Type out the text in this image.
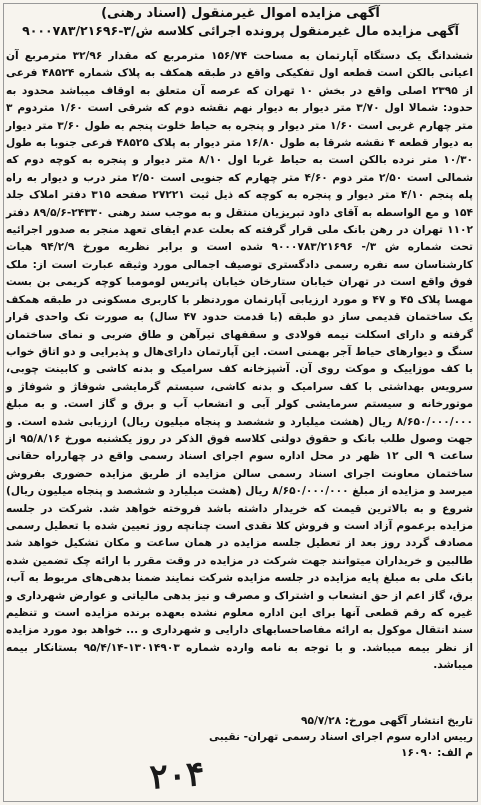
آگهی مزایده اموال غیرمنقول (اسناد رهنی)
آگهی مزایده مال غیرمنقول پرونده اجرائی کلاسه ش/۳-۹۰۰۰۷۸۳/۲۱۶۹۶
ششدانگ یک دستگاه آپارتمان به مساحت ۱۵۶/۷۴ مترمربع که مقدار ۳۲/۹۶ مترمربع آن اعیانی بالکن است قطعه اول تفکیکی واقع در طبقه همکف به پلاک شماره ۴۸۵۲۴ فرعی از ۲۳۹۵ اصلی واقع در بخش ۱۰ تهران که عرصه آن متعلق به اوقاف میباشد محدود به حدود: شمالا اول ۳/۷۰ متر دیوار به دیوار نهم نقشه دوم که شرقی است ۱/۶۰ متردوم ۳ متر چهارم غربی است ۱/۶۰ متر دیوار و پنجره به حیاط خلوت پنجم به طول ۳/۶۰ متر دیوار به دیوار قطعه ۴ نقشه شرقا به طول ۱۶/۸۰ متر دیوار به پلاک ۴۸۵۲۵ فرعی جنوبا به طول ۱۰/۳۰ متر نرده بالکن است به حیاط غربا اول ۸/۱۰ متر دیوار و پنجره به کوچه دوم که شمالی است ۲/۵۰ متر دوم ۴/۶۰ متر چهارم که جنوبی است ۲/۵۰ متر درب و دیوار به راه پله پنجم ۴/۱۰ متر دیوار و پنجره به کوچه که ذیل ثبت ۲۷۲۲۱ صفحه ۳۱۵ دفتر املاک جلد ۱۵۴ و مع الواسطه به آقای داود تبریزیان منتقل و به موجب سند رهنی ۲۴۳۳۰-۸۹/۵/۶ دفتر ۱۱۰۲ تهران در رهن بانک ملی قرار گرفته که بعلت عدم ایفای تعهد منجر به صدور اجرائیه تحت شماره ش ۳/- ۹۰۰۰۷۸۳/۲۱۶۹۶ شده است و برابر نظریه مورخ ۹۴/۲/۹ هیات کارشناسان سه نفره رسمی دادگستری توصیف اجمالی مورد وثیقه عبارت است از: ملک فوق واقع است در تهران خیابان ستارخان خیابان پاتریس لومومبا کوچه کریمی بن بست مهسا پلاک ۴۵ و ۴۷ و مورد ارزیابی آپارتمان موردنظر با کاربری مسکونی در طبقه همکف یک ساختمان قدیمی ساز دو طبقه (با قدمت حدود ۴۷ سال) به صورت تک واحدی قرار گرفته و دارای اسکلت نیمه فولادی و سقفهای تیرآهن و طاق ضربی و نمای ساختمان سنگ و دیوارهای حیاط آجر بهمنی است. این آپارتمان دارای‌هال و پذیرایی و دو اتاق خواب با کف موزاییک و موکت روی آن. آشپزخانه کف سرامیک و بدنه کاشی و کابینت چوبی، سرویس بهداشتی با کف سرامیک و بدنه کاشی، سیستم گرمایشی شوفاژ و شوفاژ و موتورخانه و سیستم سرمایشی کولر آبی و انشعاب آب و برق و گاز است. و به مبلغ ۸/۶۵۰/۰۰۰/۰۰۰ ریال (هشت میلیارد و ششصد و پنجاه میلیون ریال) ارزیابی شده است. و جهت وصول طلب بانک و حقوق دولتی کلاسه فوق الذکر در روز یکشنبه مورخ ۹۵/۸/۱۶ از ساعت ۹ الی ۱۲ ظهر در محل اداره سوم اجرای اسناد رسمی واقع در چهارراه حقانی ساختمان معاونت اجرای اسناد رسمی سالن مزایده از طریق مزایده حضوری بفروش میرسد و مزایده از مبلغ ۸/۶۵۰/۰۰۰/۰۰۰ ریال (هشت میلیارد و ششصد و پنجاه میلیون ریال) شروع و به بالاترین قیمت که خریدار داشته باشد فروخته خواهد شد. شرکت در جلسه مزایده برعموم آزاد است و فروش کلا نقدی است چنانچه روز تعیین شده با تعطیل رسمی مصادف گردد روز بعد از تعطیل جلسه مزایده در همان ساعت و مکان تشکیل خواهد شد طالبین و خریداران میتوانند جهت شرکت در مزایده در وقت مقرر با ارائه چک تضمین شده بانک ملی به مبلغ پایه مزایده در جلسه مزایده شرکت نمایند ضمنا بدهی‌های مربوط به آب، برق، گاز اعم از حق انشعاب و اشتراک و مصرف و نیز بدهی مالیاتی و عوارض شهرداری و غیره که رقم قطعی آنها برای این اداره معلوم نشده بعهده برنده مزایده است و تنظیم سند انتقال موکول به ارائه مفاصاحسابهای دارایی و شهرداری و ... خواهد بود مورد مزایده از نظر بیمه میباشد. و با توجه به نامه وارده شماره ۱۳۰۱۴۹۰۳-۹۵/۴/۱۴ بستانکار بیمه میباشد.
تاریخ انتشار آگهی مورخ: ۹۵/۷/۲۸
رییس اداره سوم اجرای اسناد رسمی تهران- نقیبی
م الف: ۱۶۰۹۰
۲۰۴
